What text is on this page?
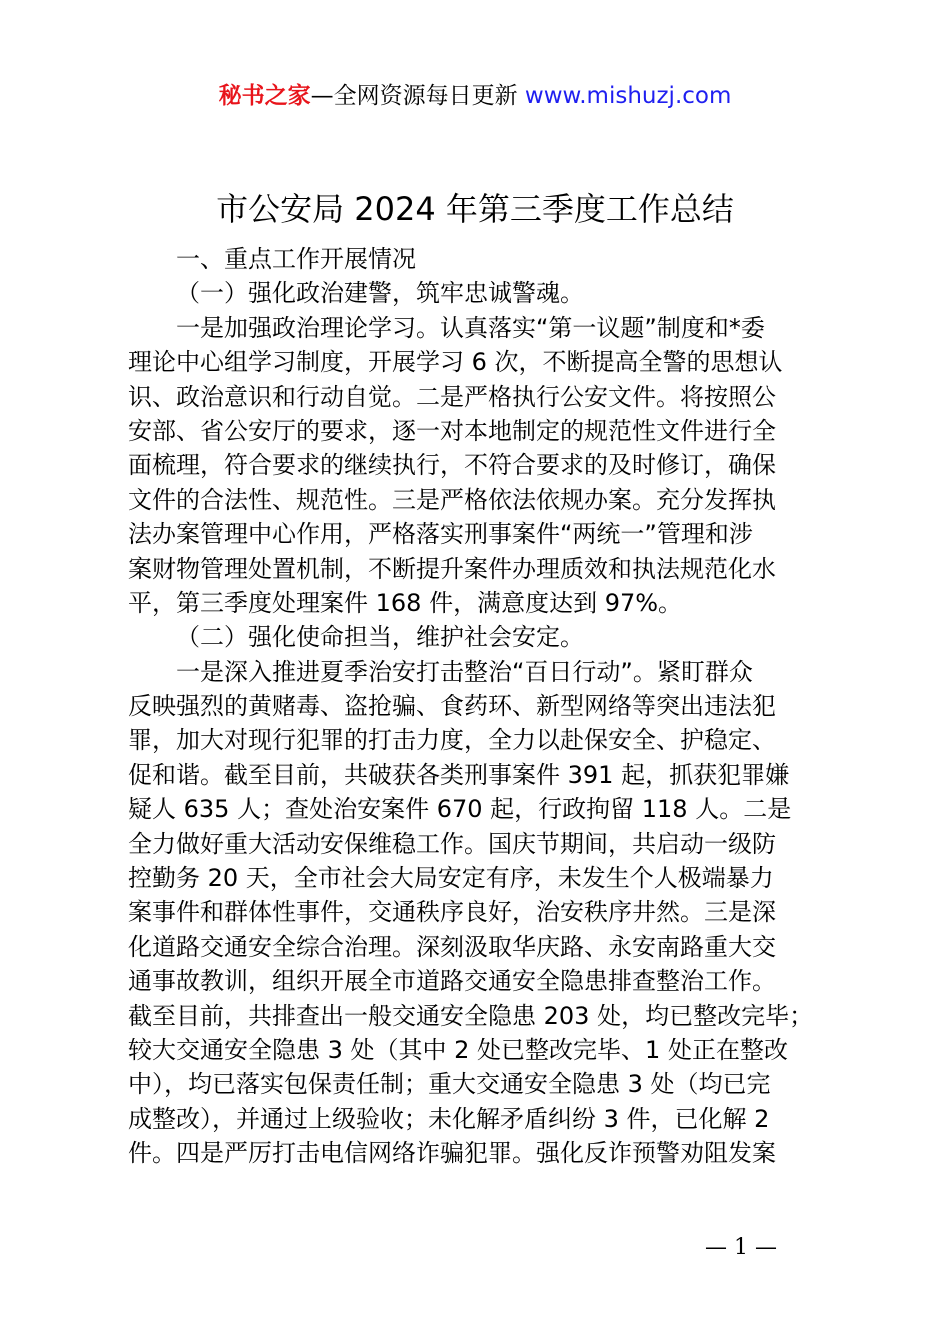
秘书之家—全网资源每日更新 www.mishuzj.com
市公安局 2024 年第三季度工作总结
一、重点工作开展情况
（一）强化政治建警，筑牢忠诚警魂。
一是加强政治理论学习。认真落实“第一议题”制度和*委
理论中心组学习制度，开展学习 6 次，不断提高全警的思想认
识、政治意识和行动自觉。二是严格执行公安文件。将按照公
安部、省公安厅的要求，逐一对本地制定的规范性文件进行全
面梳理，符合要求的继续执行，不符合要求的及时修订，确保
文件的合法性、规范性。三是严格依法依规办案。充分发挥执
法办案管理中心作用，严格落实刑事案件“两统一”管理和涉
案财物管理处置机制，不断提升案件办理质效和执法规范化水
平，第三季度处理案件 168 件，满意度达到 97%。
（二）强化使命担当，维护社会安定。
一是深入推进夏季治安打击整治“百日行动”。紧盯群众
反映强烈的黄赌毒、盗抢骗、食药环、新型网络等突出违法犯
罪，加大对现行犯罪的打击力度，全力以赴保安全、护稳定、
促和谐。截至目前，共破获各类刑事案件 391 起，抓获犯罪嫌
疑人 635 人；查处治安案件 670 起，行政拘留 118 人。二是
全力做好重大活动安保维稳工作。国庆节期间，共启动一级防
控勤务 20 天，全市社会大局安定有序，未发生个人极端暴力
案事件和群体性事件，交通秩序良好，治安秩序井然。三是深
化道路交通安全综合治理。深刻汲取华庆路、永安南路重大交
通事故教训，组织开展全市道路交通安全隐患排查整治工作。
截至目前，共排查出一般交通安全隐患 203 处，均已整改完毕；
较大交通安全隐患 3 处（其中 2 处已整改完毕、1 处正在整改
中），均已落实包保责任制；重大交通安全隐患 3 处（均已完
成整改），并通过上级验收；未化解矛盾纠纷 3 件，已化解 2
件。四是严厉打击电信网络诈骗犯罪。强化反诈预警劝阻发案
— 1 —
